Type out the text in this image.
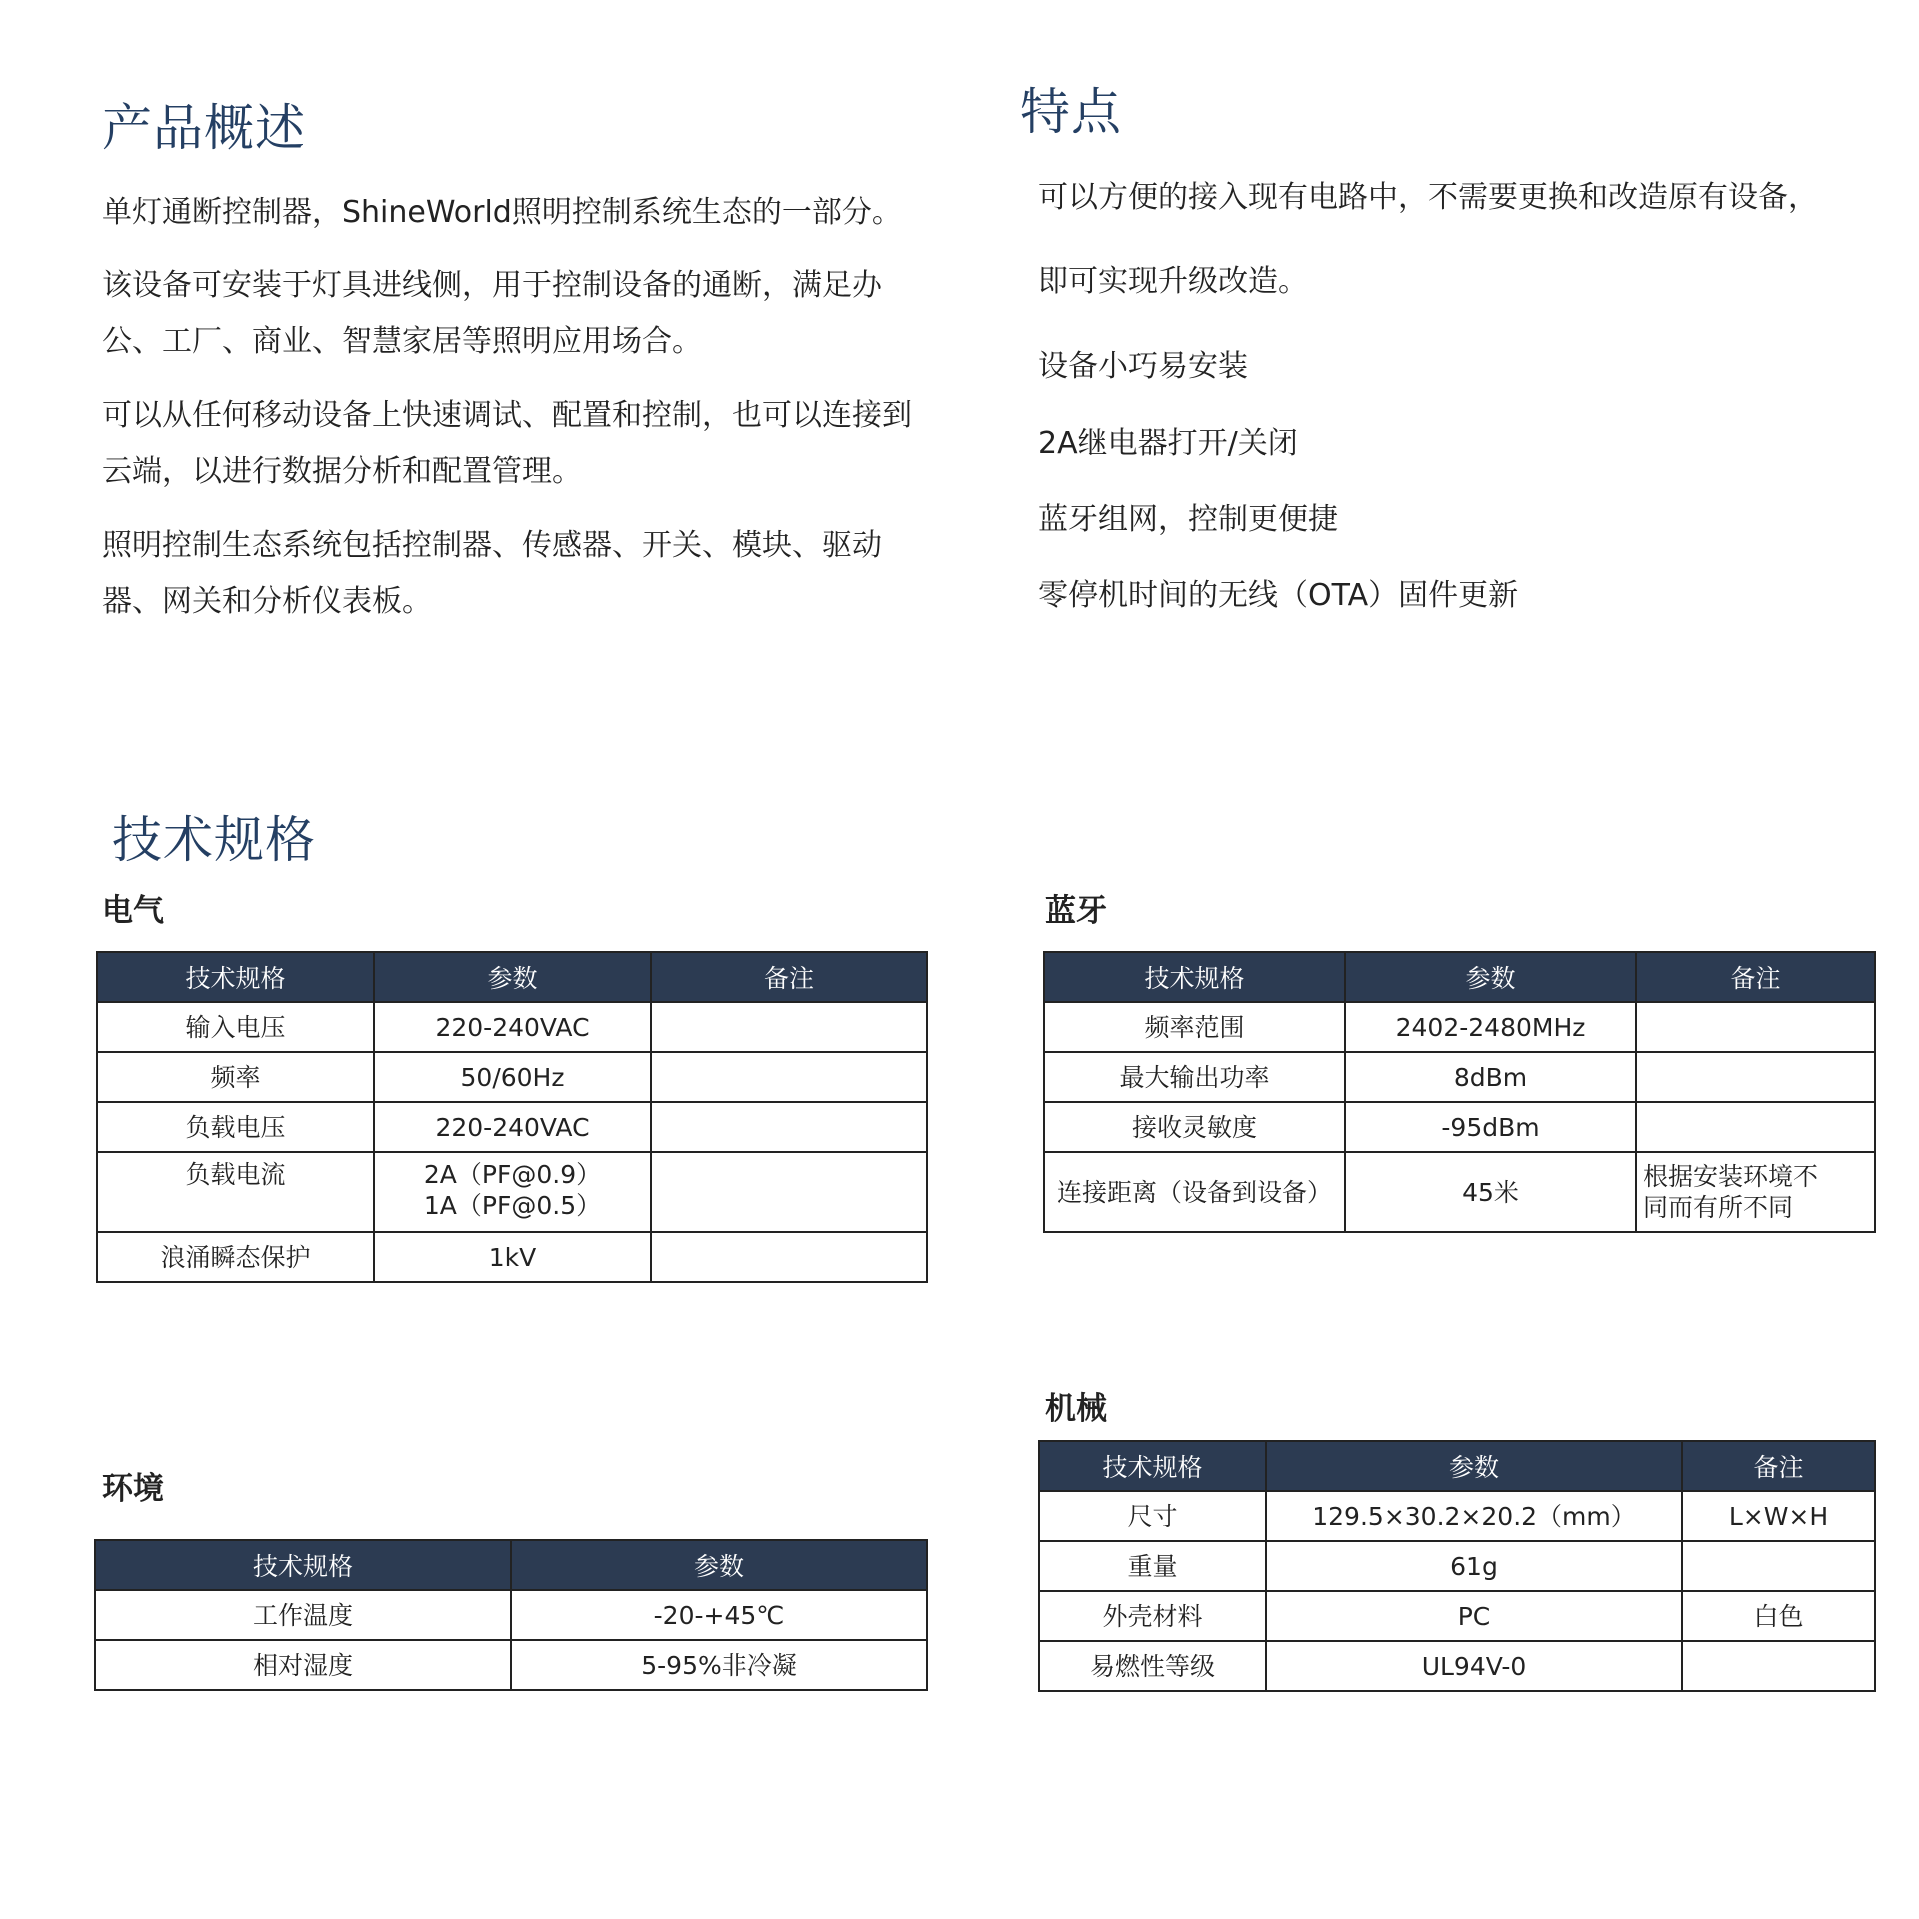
产品概述

单灯通断控制器，ShineWorld照明控制系统生态的一部分。

该设备可安装于灯具进线侧，用于控制设备的通断，满足办公、工厂、商业、智慧家居等照明应用场合。

可以从任何移动设备上快速调试、配置和控制，也可以连接到云端，以进行数据分析和配置管理。

照明控制生态系统包括控制器、传感器、开关、模块、驱动器、网关和分析仪表板。

特点

可以方便的接入现有电路中，不需要更换和改造原有设备，

即可实现升级改造。

设备小巧易安装

2A继电器打开/关闭

蓝牙组网，控制更便捷

零停机时间的无线（OTA）固件更新

技术规格
电气
技术规格	参数	备注
输入电压	220-240VAC	
频率	50/60Hz	
负载电压	220-240VAC	
负载电流	2A（PF@0.9）
1A（PF@0.5）	
浪涌瞬态保护	1kV	
蓝牙
技术规格	参数	备注
频率范围	2402-2480MHz	
最大输出功率	8dBm	
接收灵敏度	-95dBm	
连接距离（设备到设备）	45米	根据安装环境不
同而有所不同
机械
技术规格	参数	备注
尺寸	129.5×30.2×20.2（mm）	L×W×H
重量	61g	
外壳材料	PC	白色
易燃性等级	UL94V-0	
环境
技术规格	参数
工作温度	-20-+45℃
相对湿度	5-95%非冷凝
